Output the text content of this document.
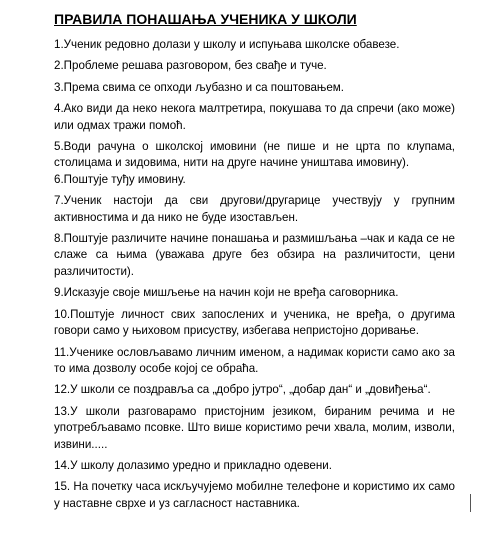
ПРАВИЛА ПОНАШАЊА УЧЕНИКА У ШКОЛИ
1.Ученик редовно долази у школу и испуњава школске обавезе.
2.Проблеме решава разговором, без свађе и туче.
3.Према свима се опходи љубазно и са поштовањем.
4.Ако види да неко некога малтретира, покушава то да спречи (ако може) или одмах тражи помоћ.
5.Води рачуна о школској имовини (не пише и не црта по клупама, столицама и зидовима, нити на друге начине уништава имовину).
6.Поштује туђу имовину.
7.Ученик настоји да сви другови/другарице учествују у групним активностима и да нико не буде изостављен.
8.Поштује различите начине понашања и размишљања –чак и када се не слаже са њима (уважава друге без обзира на различитости, цени различитости).
9.Исказује своје мишљење на начин који не вређа саговорника.
10.Поштује личност свих запослених и ученика, не вређа, о другима говори само у њиховом присуству, избегава непристојно доривање.
11.Ученике ословљавамо личним именом, а надимак користи само ако за то има дозволу особе којој се обраћа.
12.У школи се поздравља са „добро јутро“, „добар дан“ и „довиђења“.
13.У школи разговарамо пристојним језиком, бираним речима и не употребљавамо псовке. Што више користимо речи хвала, молим, изволи, извини.....
14.У школу долазимо уредно и прикладно одевени.
15. На почетку часа искључујемо мобилне телефоне и користимо их само у наставне сврхе и уз сагласност наставника.
